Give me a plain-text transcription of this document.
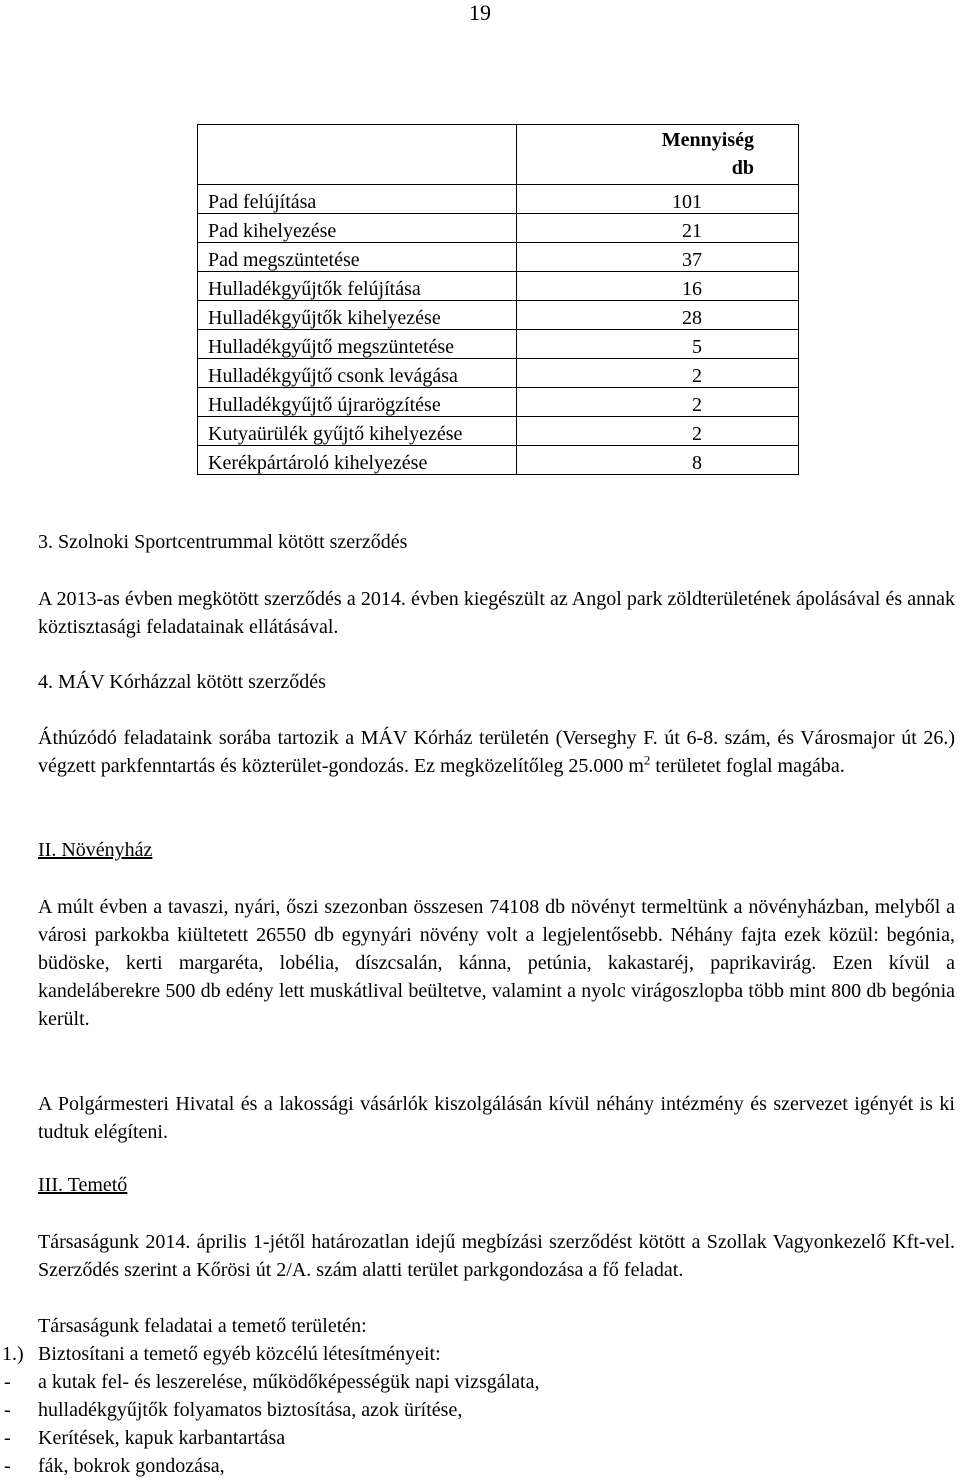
19
	Mennyiség
db
Pad felújítása	101
Pad kihelyezése	21
Pad megszüntetése	37
Hulladékgyűjtők felújítása	16
Hulladékgyűjtők kihelyezése	28
Hulladékgyűjtő megszüntetése	5
Hulladékgyűjtő csonk levágása	2
Hulladékgyűjtő újrarögzítése	2
Kutyaürülék gyűjtő kihelyezése	2
Kerékpártároló kihelyezése	8
3. Szolnoki Sportcentrummal kötött szerződés
A 2013-as évben megkötött szerződés a 2014. évben kiegészült az Angol park zöldterületének ápolásával és annak köztisztasági feladatainak ellátásával.
4. MÁV Kórházzal kötött szerződés
Áthúzódó feladataink sorába tartozik a MÁV Kórház területén (Verseghy F. út 6-8. szám, és Városmajor út 26.) végzett parkfenntartás és közterület-gondozás. Ez megközelítőleg 25.000 $m^2$ területet foglal magába.
II. Növényház
A múlt évben a tavaszi, nyári, őszi szezonban összesen 74108 db növényt termeltünk a növényházban, melyből a városi parkokba kiültetett 26550 db egynyári növény volt a legjelentősebb. Néhány fajta ezek közül: begónia, büdöske, kerti margaréta, lobélia, díszcsalán, kánna, petúnia, kakastaréj, paprikavirág. Ezen kívül a kandeláberekre 500 db edény lett muskátlival beültetve, valamint a nyolc virágoszlopba több mint 800 db begónia került.
A Polgármesteri Hivatal és a lakossági vásárlók kiszolgálásán kívül néhány intézmény és szervezet igényét is ki tudtuk elégíteni.
III. Temető
Társaságunk 2014. április 1-jétől határozatlan idejű megbízási szerződést kötött a Szollak Vagyonkezelő Kft-vel. Szerződés szerint a Kőrösi út 2/A. szám alatti terület parkgondozása a fő feladat.
Társaságunk feladatai a temető területén:
1.) Biztosítani a temető egyéb közcélú létesítményeit:
- a kutak fel- és leszerelése, működőképességük napi vizsgálata,
- hulladékgyűjtők folyamatos biztosítása, azok ürítése,
- Kerítések, kapuk karbantartása
- fák, bokrok gondozása,
